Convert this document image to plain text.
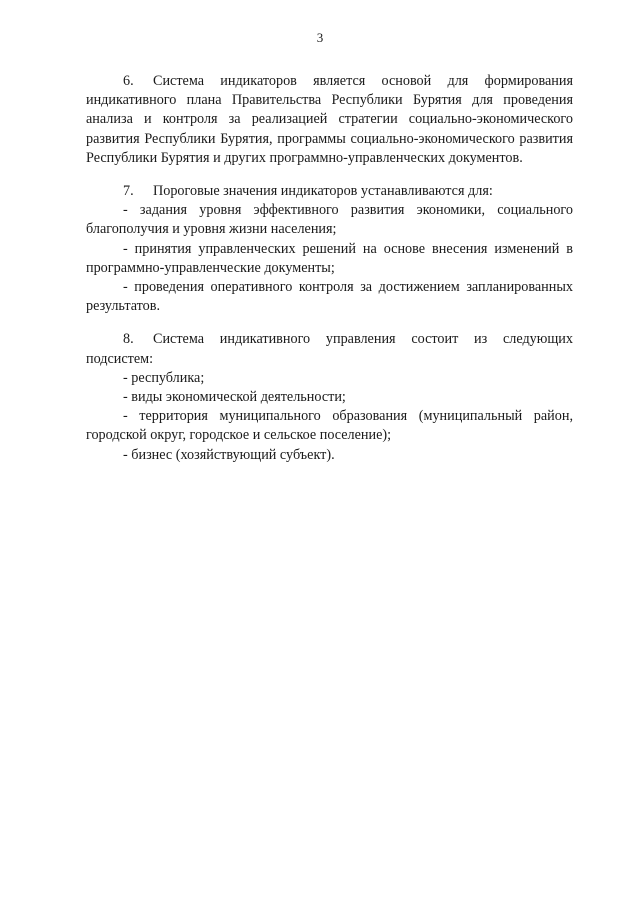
3

6. Система индикаторов является основой для формирования индикативного плана Правительства Республики Бурятия для проведения анализа и контроля за реализацией стратегии социально-экономического развития Республики Бурятия, программы социально-экономического развития Республики Бурятия и других программно-управленческих документов.

7. Пороговые значения индикаторов устанавливаются для:

- задания уровня эффективного развития экономики, социального благополучия и уровня жизни населения;

- принятия управленческих решений на основе внесения изменений в программно-управленческие документы;

- проведения оперативного контроля за достижением запланированных результатов.

8. Система индикативного управления состоит из следующих подсистем:

- республика;

- виды экономической деятельности;

- территория муниципального образования (муниципальный район, городской округ, городское и сельское поселение);

- бизнес (хозяйствующий субъект).
